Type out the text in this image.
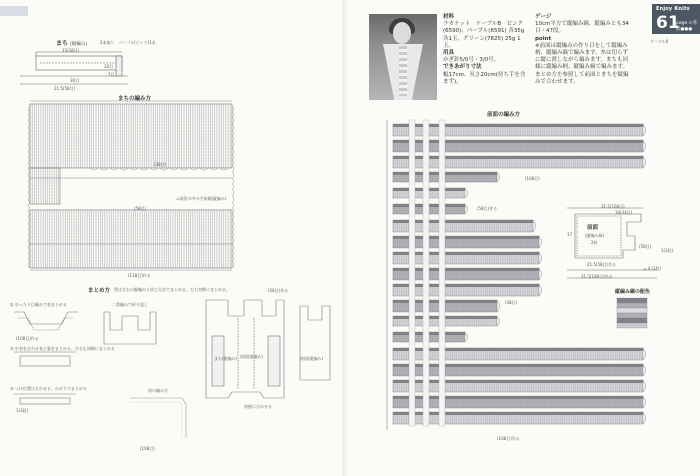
まち (縦編み)	2本取り　パープル(ピンク)1本
15(38目)
10目
7目
30目
21.5(58目)
まちの編み方
(38目)
=前段の中の手前側(縦編み)
(58目)
(118目)作る
まとめ方 図は左右の縦編みと同じ方法でまとめる。左右対称にまとめる。
① ゆったり目編みで表まとめる
② 中表を合わせ表と裏をまとめる。左右も同様にまとめる
③ つけ位置は合わせる。かがりでまとめる
二重編みで折り返し
前後に合わせる
まち(縦編み) 前面(縦編み)	前面(縦編み)
(58目)作る
角の編み方
(108目)
(108目)作る
1(3段)
Enjoy Knits
61
page の作品●●●
ケーブル6
材料
ラカナット　ケーブルB　ピンク(6590)、パープル(6591) 各35g 各1玉、グリーン(7825) 25g 1玉。
用具
かぎ針5/0号・3/0号。
できあがり寸法
幅17cm、長さ20cm(持ち手を含まず)。
ゲージ
10cm平方で縦編み縞、縦編みとも34目・47段。
point
※前面は縦編みの作り目をして縦編み柄、縦編み縞で編みます。糸は切らずに縦に渡しながら編みます。まちも同様に縦編み柄、縦編み縞で編みます。まとめ方を参照して前面とまちを縦編みで合わせます。
前面の編み方
前面
(縦編み縞)
2枚
31.5(108目)
10(34目)
17
(58目)
21.5(58目)作る
31.5(108目)作る
(108目)
(108目)作る
(38目)
= 4 (1段)
1(3段)
(58目)作る
縦編み縞の配色
